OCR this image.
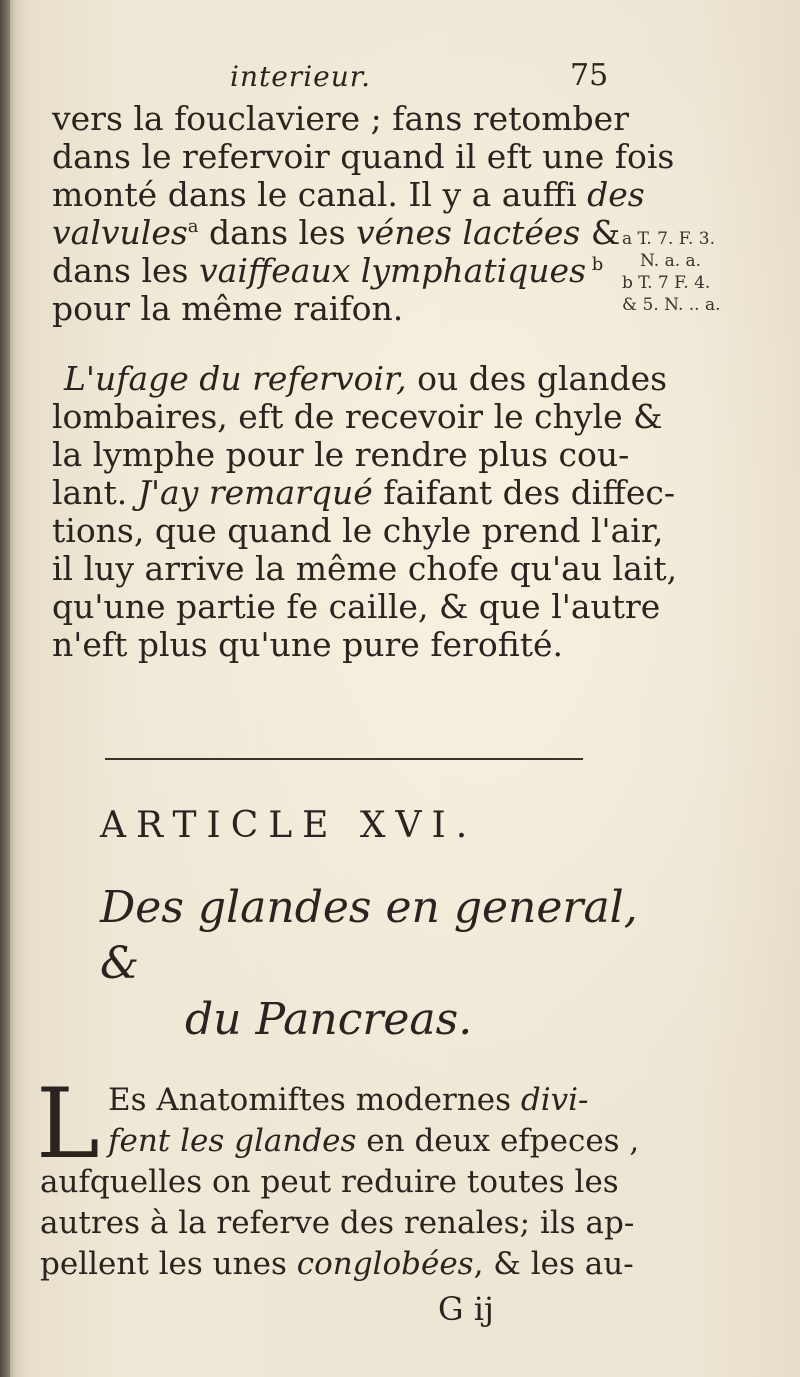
interieur.	75
vers la fouclaviere ; fans retomber
dans le refervoir quand il eft une fois
monté dans le canal. Il y a auffi des
valvules$^a$ dans les vénes lactées &
dans les vaiffeaux lymphatiques $^b$
pour la même raifon.
L'ufage du refervoir, ou des glandes
lombaires, eft de recevoir le chyle &
la lymphe pour le rendre plus cou-
lant. J'ay remarqué faifant des diffec-
tions, que quand le chyle prend l'air,
il luy arrive la même chofe qu'au lait,
qu'une partie fe caille, & que l'autre
n'eft plus qu'une pure ferofité.
a T. 7. F. 3.
N. a. a.
b T. 7 F. 4.
& 5. N. .. a.
ARTICLE XVI.
Des glandes en general, &
du Pancreas.
L Es Anatomiftes modernes divi-
fent les glandes en deux efpeces ,
aufquelles on peut reduire toutes les
autres à la referve des renales; ils ap-
pellent les unes conglobées, & les au-
G ij
